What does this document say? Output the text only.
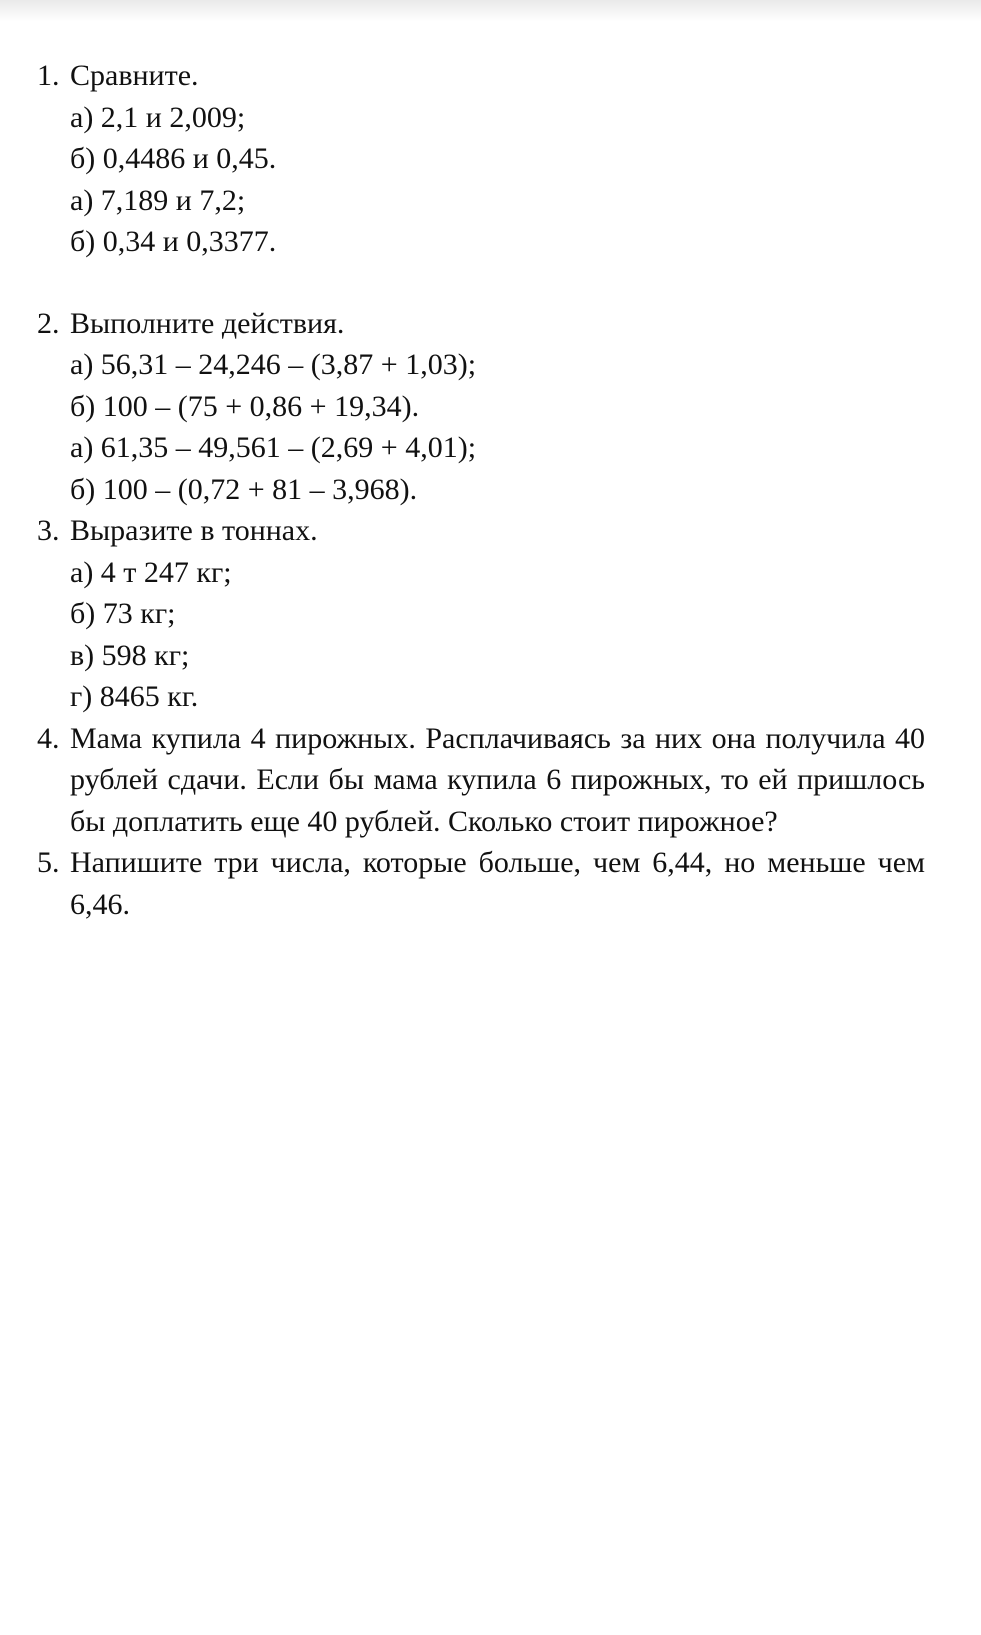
1. Сравните.
а) 2,1 и 2,009;
б) 0,4486 и 0,45.
а) 7,189 и 7,2;
б) 0,34 и 0,3377.
2. Выполните действия.
а) 56,31 – 24,246 – (3,87 + 1,03);
б) 100 – (75 + 0,86 + 19,34).
а) 61,35 – 49,561 – (2,69 + 4,01);
б) 100 – (0,72 + 81 – 3,968).
3. Выразите в тоннах.
а) 4 т 247 кг;
б) 73 кг;
в) 598 кг;
г) 8465 кг.
4. Мама купила 4 пирожных. Расплачиваясь за них она получила 40 рублей сдачи. Если бы мама купила 6 пирожных, то ей пришлось бы доплатить еще 40 рублей. Сколько стоит пирожное?
5. Напишите три числа, которые больше, чем 6,44, но меньше чем 6,46.
